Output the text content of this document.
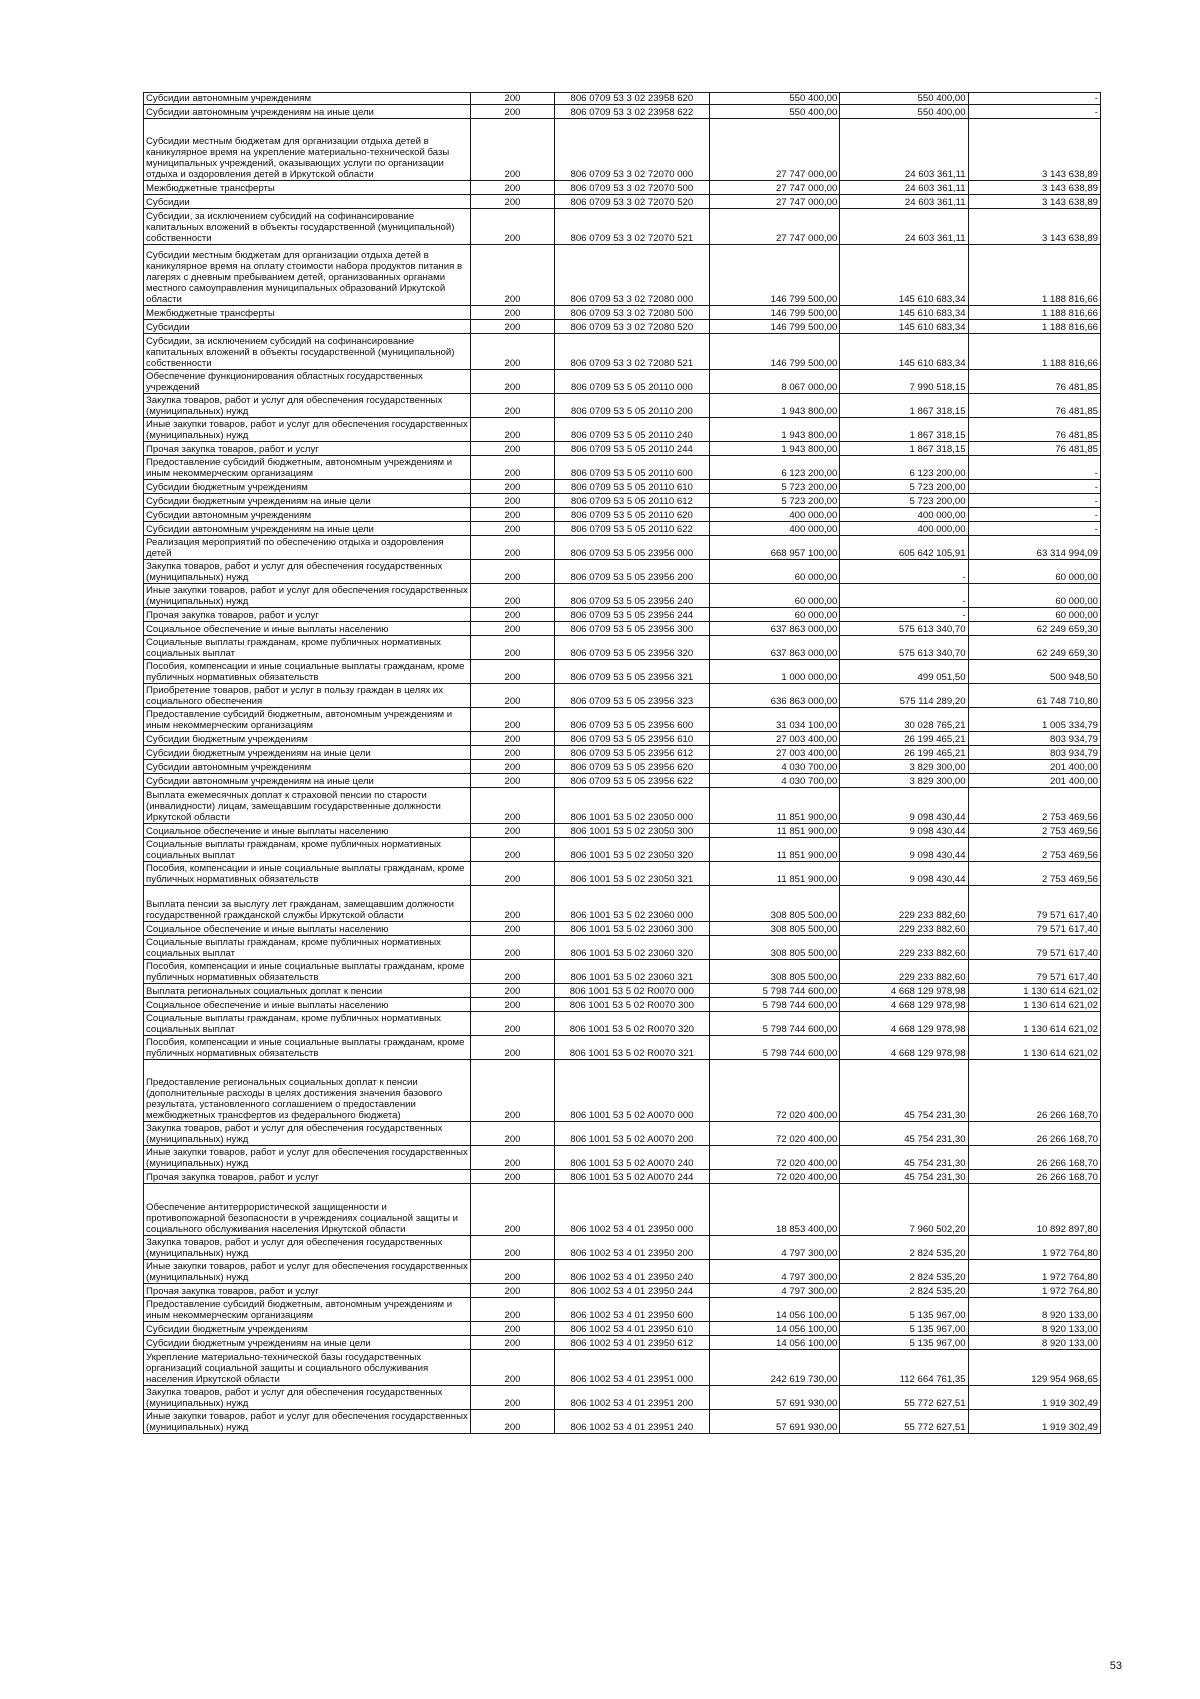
Субсидии автономным учреждениям	200	806 0709 53 3 02 23958 620	550 400,00	550 400,00	-
Субсидии автономным учреждениям на иные цели	200	806 0709 53 3 02 23958 622	550 400,00	550 400,00	-
Субсидии местным бюджетам для организации отдыха детей в каникулярное время на укрепление материально-технической базы муниципальных учреждений, оказывающих услуги по организации отдыха и оздоровления детей в Иркутской области	200	806 0709 53 3 02 72070 000	27 747 000,00	24 603 361,11	3 143 638,89
Межбюджетные трансферты	200	806 0709 53 3 02 72070 500	27 747 000,00	24 603 361,11	3 143 638,89
Субсидии	200	806 0709 53 3 02 72070 520	27 747 000,00	24 603 361,11	3 143 638,89
Субсидии, за исключением субсидий на софинансирование капитальных вложений в объекты государственной (муниципальной) собственности	200	806 0709 53 3 02 72070 521	27 747 000,00	24 603 361,11	3 143 638,89
Субсидии местным бюджетам для организации отдыха детей в каникулярное время на оплату стоимости набора продуктов питания в лагерях с дневным пребыванием детей, организованных органами местного самоуправления муниципальных образований Иркутской области	200	806 0709 53 3 02 72080 000	146 799 500,00	145 610 683,34	1 188 816,66
Межбюджетные трансферты	200	806 0709 53 3 02 72080 500	146 799 500,00	145 610 683,34	1 188 816,66
Субсидии	200	806 0709 53 3 02 72080 520	146 799 500,00	145 610 683,34	1 188 816,66
Субсидии, за исключением субсидий на софинансирование капитальных вложений в объекты государственной (муниципальной) собственности	200	806 0709 53 3 02 72080 521	146 799 500,00	145 610 683,34	1 188 816,66
Обеспечение функционирования областных государственных учреждений	200	806 0709 53 5 05 20110 000	8 067 000,00	7 990 518,15	76 481,85
Закупка товаров, работ и услуг для обеспечения государственных (муниципальных) нужд	200	806 0709 53 5 05 20110 200	1 943 800,00	1 867 318,15	76 481,85
Иные закупки товаров, работ и услуг для обеспечения государственных (муниципальных) нужд	200	806 0709 53 5 05 20110 240	1 943 800,00	1 867 318,15	76 481,85
Прочая закупка товаров, работ и услуг	200	806 0709 53 5 05 20110 244	1 943 800,00	1 867 318,15	76 481,85
Предоставление субсидий бюджетным, автономным учреждениям и иным некоммерческим организациям	200	806 0709 53 5 05 20110 600	6 123 200,00	6 123 200,00	-
Субсидии бюджетным учреждениям	200	806 0709 53 5 05 20110 610	5 723 200,00	5 723 200,00	-
Субсидии бюджетным учреждениям на иные цели	200	806 0709 53 5 05 20110 612	5 723 200,00	5 723 200,00	-
Субсидии автономным учреждениям	200	806 0709 53 5 05 20110 620	400 000,00	400 000,00	-
Субсидии автономным учреждениям на иные цели	200	806 0709 53 5 05 20110 622	400 000,00	400 000,00	-
Реализация мероприятий по обеспечению отдыха и оздоровления детей	200	806 0709 53 5 05 23956 000	668 957 100,00	605 642 105,91	63 314 994,09
Закупка товаров, работ и услуг для обеспечения государственных (муниципальных) нужд	200	806 0709 53 5 05 23956 200	60 000,00	-	60 000,00
Иные закупки товаров, работ и услуг для обеспечения государственных (муниципальных) нужд	200	806 0709 53 5 05 23956 240	60 000,00	-	60 000,00
Прочая закупка товаров, работ и услуг	200	806 0709 53 5 05 23956 244	60 000,00	-	60 000,00
Социальное обеспечение и иные выплаты населению	200	806 0709 53 5 05 23956 300	637 863 000,00	575 613 340,70	62 249 659,30
Социальные выплаты гражданам, кроме публичных нормативных социальных выплат	200	806 0709 53 5 05 23956 320	637 863 000,00	575 613 340,70	62 249 659,30
Пособия, компенсации и иные социальные выплаты гражданам, кроме публичных нормативных обязательств	200	806 0709 53 5 05 23956 321	1 000 000,00	499 051,50	500 948,50
Приобретение товаров, работ и услуг в пользу граждан в целях их социального обеспечения	200	806 0709 53 5 05 23956 323	636 863 000,00	575 114 289,20	61 748 710,80
Предоставление субсидий бюджетным, автономным учреждениям и иным некоммерческим организациям	200	806 0709 53 5 05 23956 600	31 034 100,00	30 028 765,21	1 005 334,79
Субсидии бюджетным учреждениям	200	806 0709 53 5 05 23956 610	27 003 400,00	26 199 465,21	803 934,79
Субсидии бюджетным учреждениям на иные цели	200	806 0709 53 5 05 23956 612	27 003 400,00	26 199 465,21	803 934,79
Субсидии автономным учреждениям	200	806 0709 53 5 05 23956 620	4 030 700,00	3 829 300,00	201 400,00
Субсидии автономным учреждениям на иные цели	200	806 0709 53 5 05 23956 622	4 030 700,00	3 829 300,00	201 400,00
Выплата ежемесячных доплат к страховой пенсии по старости (инвалидности) лицам, замещавшим государственные должности Иркутской области	200	806 1001 53 5 02 23050 000	11 851 900,00	9 098 430,44	2 753 469,56
Социальное обеспечение и иные выплаты населению	200	806 1001 53 5 02 23050 300	11 851 900,00	9 098 430,44	2 753 469,56
Социальные выплаты гражданам, кроме публичных нормативных социальных выплат	200	806 1001 53 5 02 23050 320	11 851 900,00	9 098 430,44	2 753 469,56
Пособия, компенсации и иные социальные выплаты гражданам, кроме публичных нормативных обязательств	200	806 1001 53 5 02 23050 321	11 851 900,00	9 098 430,44	2 753 469,56
Выплата пенсии за выслугу лет гражданам, замещавшим должности государственной гражданской службы Иркутской области	200	806 1001 53 5 02 23060 000	308 805 500,00	229 233 882,60	79 571 617,40
Социальное обеспечение и иные выплаты населению	200	806 1001 53 5 02 23060 300	308 805 500,00	229 233 882,60	79 571 617,40
Социальные выплаты гражданам, кроме публичных нормативных социальных выплат	200	806 1001 53 5 02 23060 320	308 805 500,00	229 233 882,60	79 571 617,40
Пособия, компенсации и иные социальные выплаты гражданам, кроме публичных нормативных обязательств	200	806 1001 53 5 02 23060 321	308 805 500,00	229 233 882,60	79 571 617,40
Выплата региональных социальных доплат к пенсии	200	806 1001 53 5 02 R0070 000	5 798 744 600,00	4 668 129 978,98	1 130 614 621,02
Социальное обеспечение и иные выплаты населению	200	806 1001 53 5 02 R0070 300	5 798 744 600,00	4 668 129 978,98	1 130 614 621,02
Социальные выплаты гражданам, кроме публичных нормативных социальных выплат	200	806 1001 53 5 02 R0070 320	5 798 744 600,00	4 668 129 978,98	1 130 614 621,02
Пособия, компенсации и иные социальные выплаты гражданам, кроме публичных нормативных обязательств	200	806 1001 53 5 02 R0070 321	5 798 744 600,00	4 668 129 978,98	1 130 614 621,02
Предоставление региональных социальных доплат к пенсии (дополнительные расходы в целях достижения значения базового результата, установленного соглашением о предоставлении межбюджетных трансфертов из федерального бюджета)	200	806 1001 53 5 02 A0070 000	72 020 400,00	45 754 231,30	26 266 168,70
Закупка товаров, работ и услуг для обеспечения государственных (муниципальных) нужд	200	806 1001 53 5 02 A0070 200	72 020 400,00	45 754 231,30	26 266 168,70
Иные закупки товаров, работ и услуг для обеспечения государственных (муниципальных) нужд	200	806 1001 53 5 02 A0070 240	72 020 400,00	45 754 231,30	26 266 168,70
Прочая закупка товаров, работ и услуг	200	806 1001 53 5 02 A0070 244	72 020 400,00	45 754 231,30	26 266 168,70
Обеспечение антитеррористической защищенности и противопожарной безопасности в учреждениях социальной защиты и социального обслуживания населения Иркутской области	200	806 1002 53 4 01 23950 000	18 853 400,00	7 960 502,20	10 892 897,80
Закупка товаров, работ и услуг для обеспечения государственных (муниципальных) нужд	200	806 1002 53 4 01 23950 200	4 797 300,00	2 824 535,20	1 972 764,80
Иные закупки товаров, работ и услуг для обеспечения государственных (муниципальных) нужд	200	806 1002 53 4 01 23950 240	4 797 300,00	2 824 535,20	1 972 764,80
Прочая закупка товаров, работ и услуг	200	806 1002 53 4 01 23950 244	4 797 300,00	2 824 535,20	1 972 764,80
Предоставление субсидий бюджетным, автономным учреждениям и иным некоммерческим организациям	200	806 1002 53 4 01 23950 600	14 056 100,00	5 135 967,00	8 920 133,00
Субсидии бюджетным учреждениям	200	806 1002 53 4 01 23950 610	14 056 100,00	5 135 967,00	8 920 133,00
Субсидии бюджетным учреждениям на иные цели	200	806 1002 53 4 01 23950 612	14 056 100,00	5 135 967,00	8 920 133,00
Укрепление материально-технической базы государственных организаций социальной защиты и социального обслуживания населения Иркутской области	200	806 1002 53 4 01 23951 000	242 619 730,00	112 664 761,35	129 954 968,65
Закупка товаров, работ и услуг для обеспечения государственных (муниципальных) нужд	200	806 1002 53 4 01 23951 200	57 691 930,00	55 772 627,51	1 919 302,49
Иные закупки товаров, работ и услуг для обеспечения государственных (муниципальных) нужд	200	806 1002 53 4 01 23951 240	57 691 930,00	55 772 627,51	1 919 302,49
53
